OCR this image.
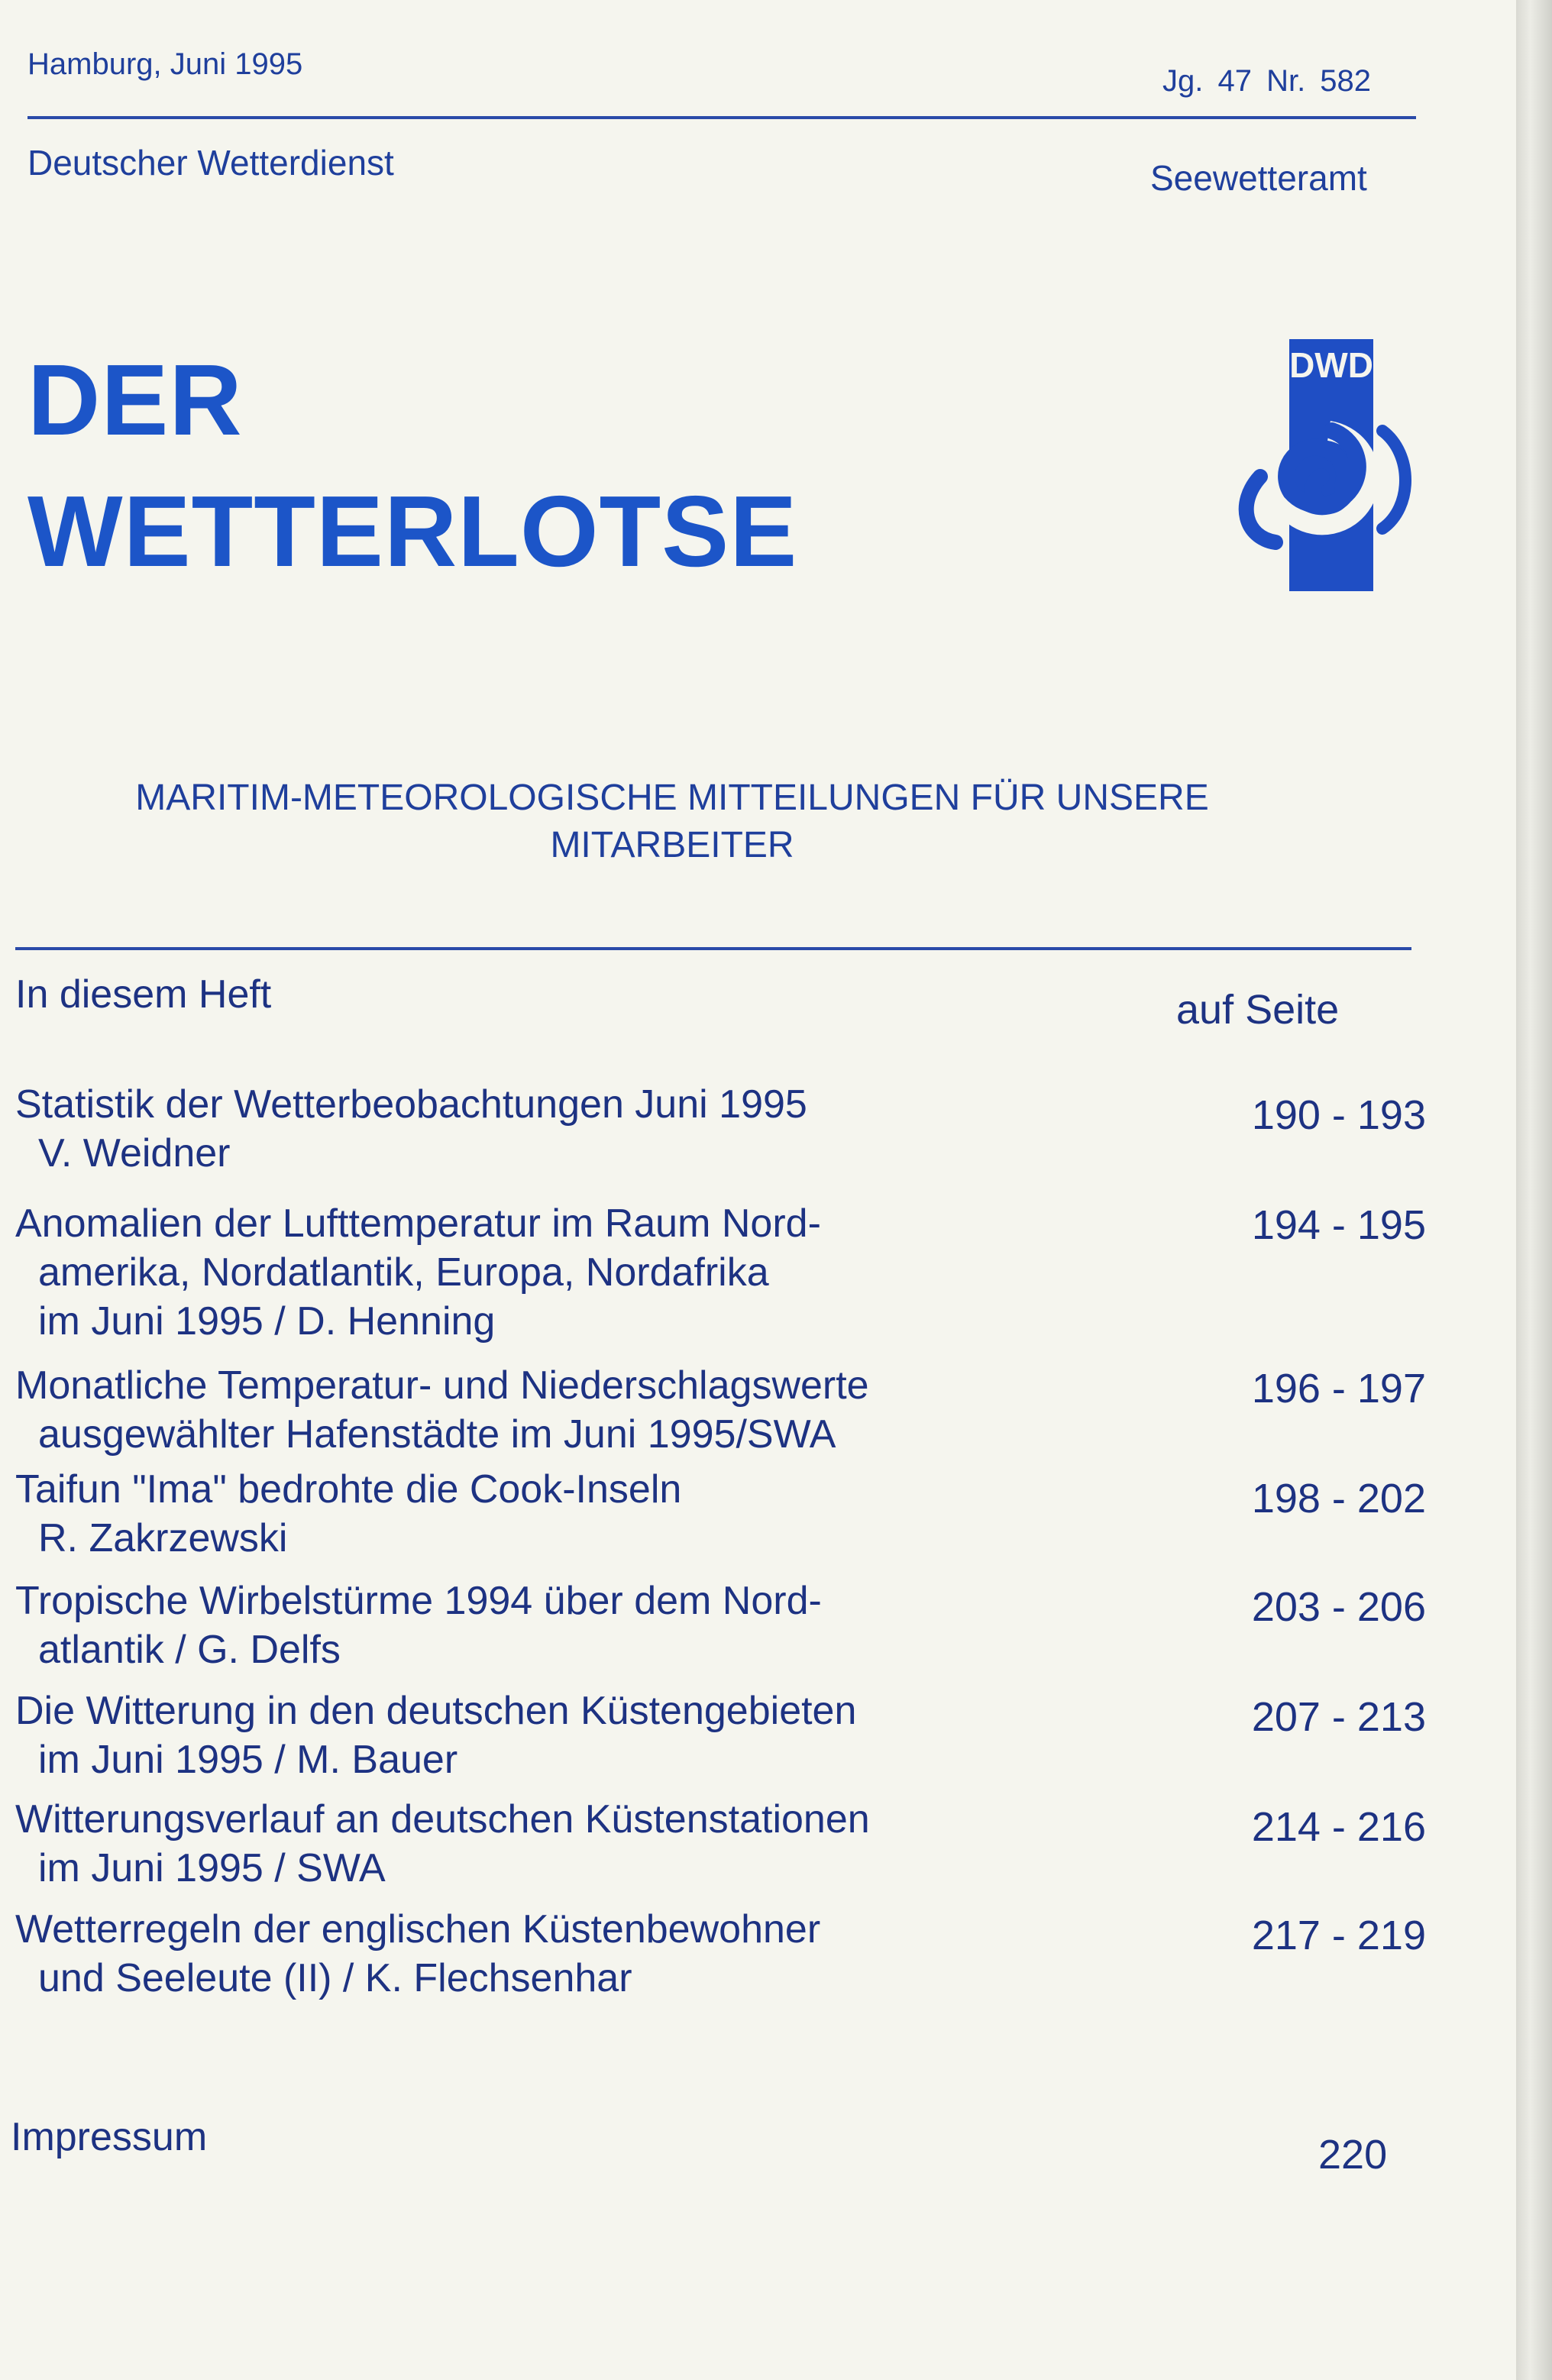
Hamburg, Juni 1995	Jg. 47 Nr. 582
Deutscher Wetterdienst	Seewetteramt
DER
WETTERLOTSE
DWD
MARITIM-METEOROLOGISCHE MITTEILUNGEN FÜR UNSERE
MITARBEITER
In diesem Heft	auf Seite
Statistik der Wetterbeobachtungen Juni 1995
V. Weidner
190 - 193
Anomalien der Lufttemperatur im Raum Nord-
amerika, Nordatlantik, Europa, Nordafrika
im Juni 1995 / D. Henning
194 - 195
Monatliche Temperatur- und Niederschlagswerte
ausgewählter Hafenstädte im Juni 1995/SWA
196 - 197
Taifun "Ima" bedrohte die Cook-Inseln
R. Zakrzewski
198 - 202
Tropische Wirbelstürme 1994 über dem Nord-
atlantik / G. Delfs
203 - 206
Die Witterung in den deutschen Küstengebieten
im Juni 1995 / M. Bauer
207 - 213
Witterungsverlauf an deutschen Küstenstationen
im Juni 1995 / SWA
214 - 216
Wetterregeln der englischen Küstenbewohner
und Seeleute (II) / K. Flechsenhar
217 - 219
Impressum	220
